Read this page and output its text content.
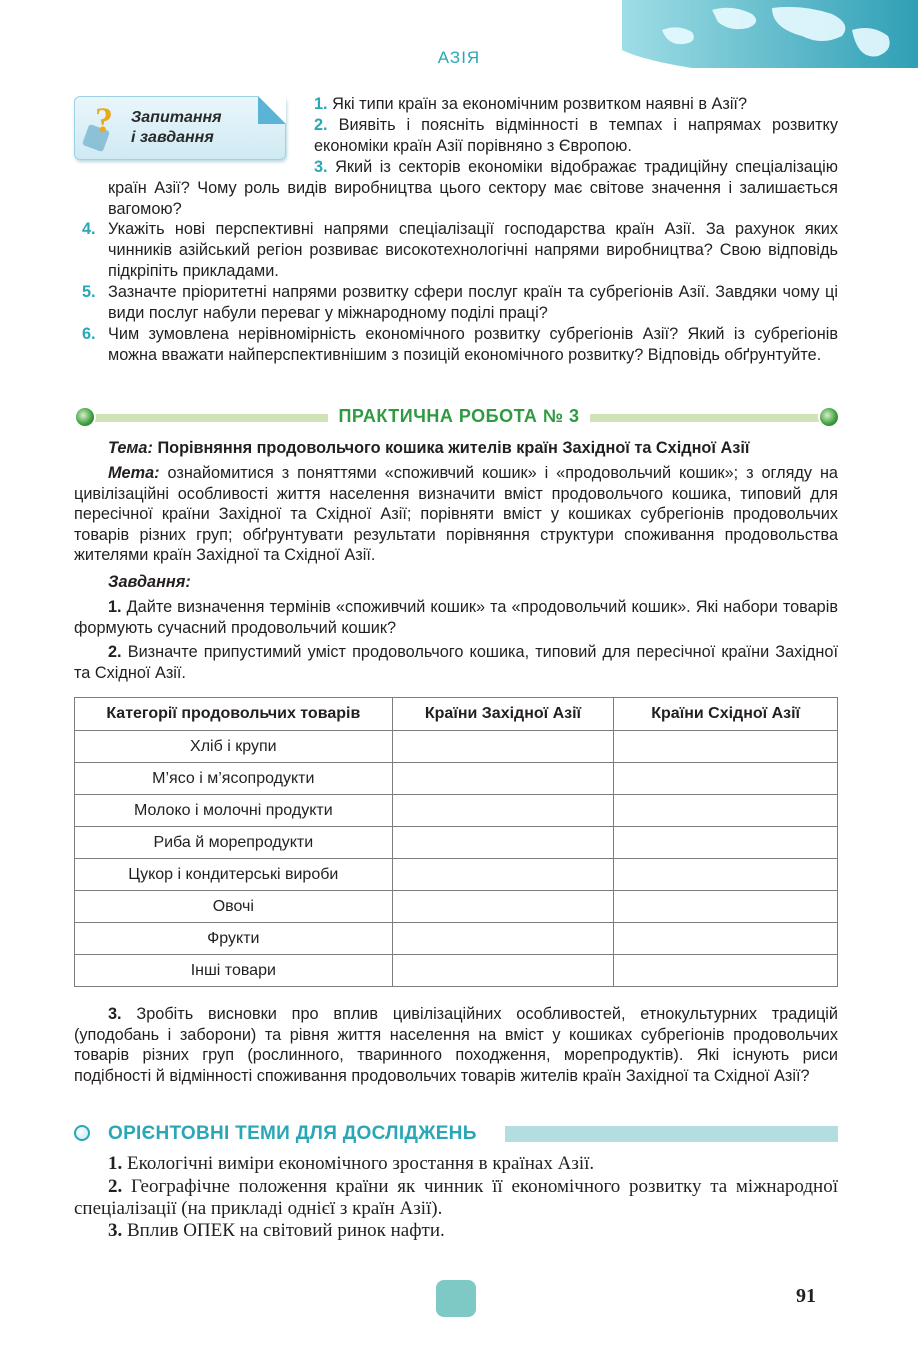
АЗІЯ
? Запитання
і завдання
1. Які типи країн за економічним розвитком наявні в Азії?
2. Виявіть і поясніть відмінності в темпах і напрямах розвитку економіки країн Азії порівняно з Європою.
3. Який із секторів економіки відображає традиційну спеціалізацію країн Азії? Чому роль видів виробництва цього сектору має світове значення і залишається вагомою?
4. Укажіть нові перспективні напрями спеціалізації господарства країн Азії. За рахунок яких чинників азійський регіон розвиває високотехнологічні напрями виробництва? Свою відповідь підкріпіть прикладами.
5. Зазначте пріоритетні напрями розвитку сфери послуг країн та субрегіонів Азії. Завдяки чому ці види послуг набули переваг у міжнародному поділі праці?
6. Чим зумовлена нерівномірність економічного розвитку субрегіонів Азії? Який із субрегіонів можна вважати найперспективнішим з позицій економічного розвитку? Відповідь обґрунтуйте.
ПРАКТИЧНА РОБОТА № 3
Тема: Порівняння продовольчого кошика жителів країн Західної та Східної Азії
Мета: ознайомитися з поняттями «споживчий кошик» і «продовольчий кошик»; з огляду на цивілізаційні особливості життя населення визначити вміст продовольчого кошика, типовий для пересічної країни Західної та Східної Азії; порівняти вміст у кошиках субрегіонів продовольчих товарів різних груп; обґрунтувати результати порівняння структури споживання продовольства жителями країн Західної та Східної Азії.
Завдання:
1. Дайте визначення термінів «споживчий кошик» та «продовольчий кошик». Які набори товарів формують сучасний продовольчий кошик?
2. Визначте припустимий уміст продовольчого кошика, типовий для пересічної країни Західної та Східної Азії.
Категорії продовольчих товарів	Країни Західної Азії	Країни Східної Азії
Хліб і крупи		
М’ясо і м’ясопродукти		
Молоко і молочні продукти		
Риба й морепродукти		
Цукор і кондитерські вироби		
Овочі		
Фрукти		
Інші товари		
3. Зробіть висновки про вплив цивілізаційних особливостей, етнокультурних традицій (уподобань і заборони) та рівня життя населення на вміст у кошиках субрегіонів продовольчих товарів різних груп (рослинного, тваринного походження, морепродуктів). Які існують риси подібності й відмінності споживання продовольчих товарів жителів країн Західної та Східної Азії?
ОРІЄНТОВНІ ТЕМИ ДЛЯ ДОСЛІДЖЕНЬ
1. Екологічні виміри економічного зростання в країнах Азії.
2. Географічне положення країни як чинник її економічного розвитку та міжнародної спеціалізації (на прикладі однієї з країн Азії).
3. Вплив ОПЕК на світовий ринок нафти.
91
